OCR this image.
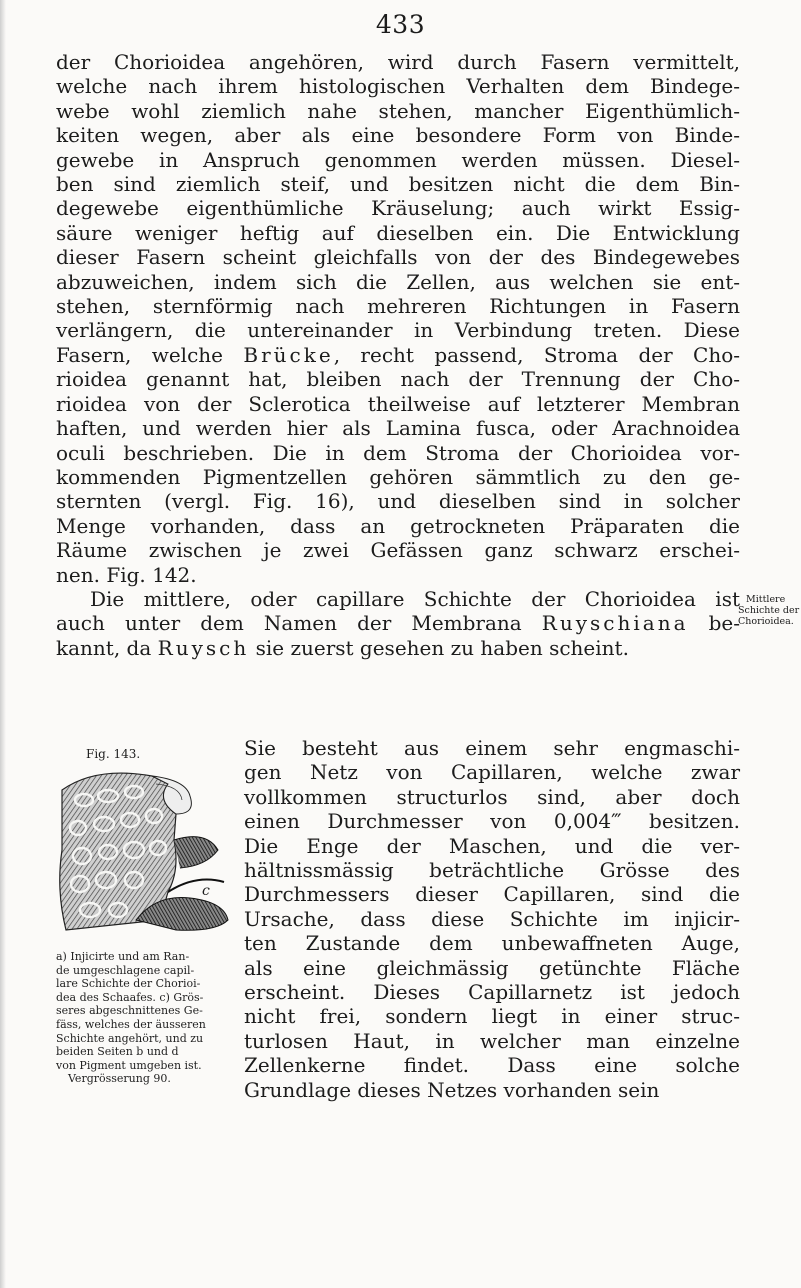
433
der Chorioidea angehören, wird durch Fasern vermittelt,
welche nach ihrem histologischen Verhalten dem Bindege-
webe wohl ziemlich nahe stehen, mancher Eigenthümlich-
keiten wegen, aber als eine besondere Form von Binde-
gewebe in Anspruch genommen werden müssen. Diesel-
ben sind ziemlich steif, und besitzen nicht die dem Bin-
degewebe eigenthümliche Kräuselung; auch wirkt Essig-
säure weniger heftig auf dieselben ein. Die Entwicklung
dieser Fasern scheint gleichfalls von der des Bindegewebes
abzuweichen, indem sich die Zellen, aus welchen sie ent-
stehen, sternförmig nach mehreren Richtungen in Fasern
verlängern, die untereinander in Verbindung treten. Diese
Fasern, welche Brücke, recht passend, Stroma der Cho-
rioidea genannt hat, bleiben nach der Trennung der Cho-
rioidea von der Sclerotica theilweise auf letzterer Membran
haften, und werden hier als Lamina fusca, oder Arachnoidea
oculi beschrieben. Die in dem Stroma der Chorioidea vor-
kommenden Pigmentzellen gehören sämmtlich zu den ge-
sternten (vergl. Fig. 16), und dieselben sind in solcher
Menge vorhanden, dass an getrockneten Präparaten die
Räume zwischen je zwei Gefässen ganz schwarz erschei-
nen. Fig. 142.
Die mittlere, oder capillare Schichte der Chorioidea ist
auch unter dem Namen der Membrana Ruyschiana be-
kannt, da Ruysch sie zuerst gesehen zu haben scheint.
Mittlere
Schichte der
Chorioidea.
Fig. 143.
c
a) Injicirte und am Ran-
de umgeschlagene capil-
lare Schichte der Chorioi-
dea des Schaafes. c) Grös-
seres abgeschnittenes Ge-
fäss, welches der äusseren
Schichte angehört, und zu
beiden Seiten b und d
von Pigment umgeben ist.
Vergrösserung 90.
Sie besteht aus einem sehr engmaschi-
gen Netz von Capillaren, welche zwar
vollkommen structurlos sind, aber doch
einen Durchmesser von 0,004‴ besitzen.
Die Enge der Maschen, und die ver-
hältnissmässig beträchtliche Grösse des
Durchmessers dieser Capillaren, sind die
Ursache, dass diese Schichte im injicir-
ten Zustande dem unbewaffneten Auge,
als eine gleichmässig getünchte Fläche
erscheint. Dieses Capillarnetz ist jedoch
nicht frei, sondern liegt in einer struc-
turlosen Haut, in welcher man einzelne
Zellenkerne findet. Dass eine solche
Grundlage dieses Netzes vorhanden sein
